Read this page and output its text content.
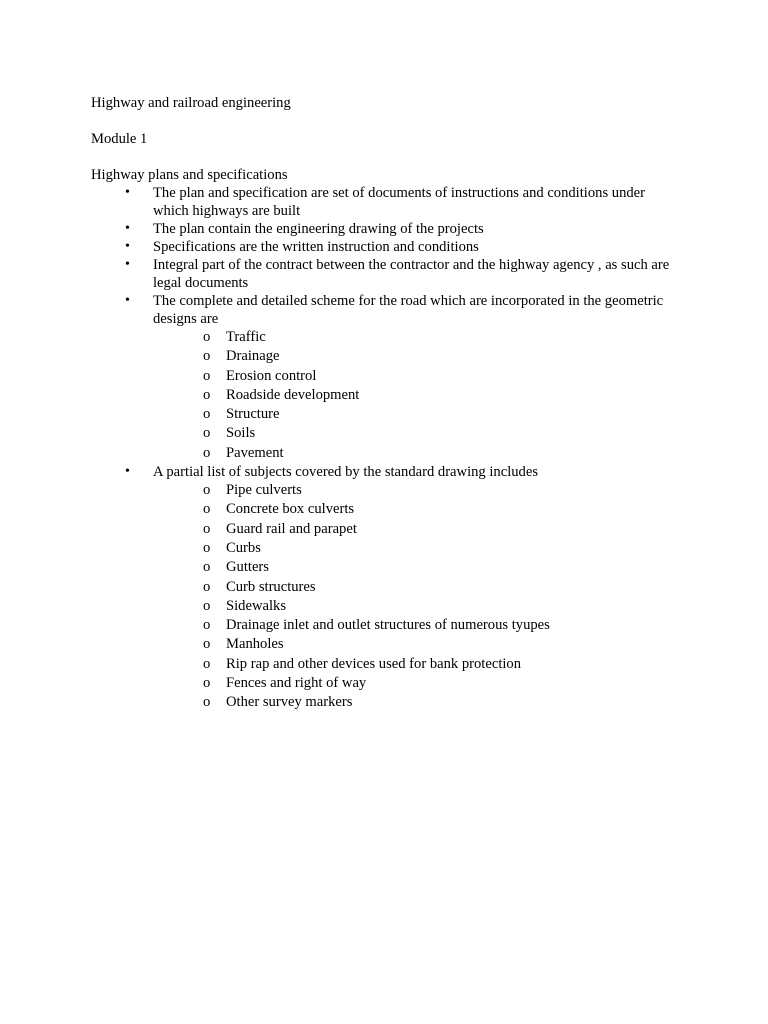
Highway and railroad engineering

Module 1

Highway plans and specifications

• The plan and specification are set of documents of instructions and conditions under which highways are built
• The plan contain the engineering drawing of the projects
• Specifications are the written instruction and conditions
• Integral part of the contract between the contractor and the highway agency , as such are legal documents
• The complete and detailed scheme for the road which are incorporated in the geometric designs are
o Traffic
o Drainage
o Erosion control
o Roadside development
o Structure
o Soils
o Pavement
• A partial list of subjects covered by the standard drawing includes
o Pipe culverts
o Concrete box culverts
o Guard rail and parapet
o Curbs
o Gutters
o Curb structures
o Sidewalks
o Drainage inlet and outlet structures of numerous tyupes
o Manholes
o Rip rap and other devices used for bank protection
o Fences and right of way
o Other survey markers
